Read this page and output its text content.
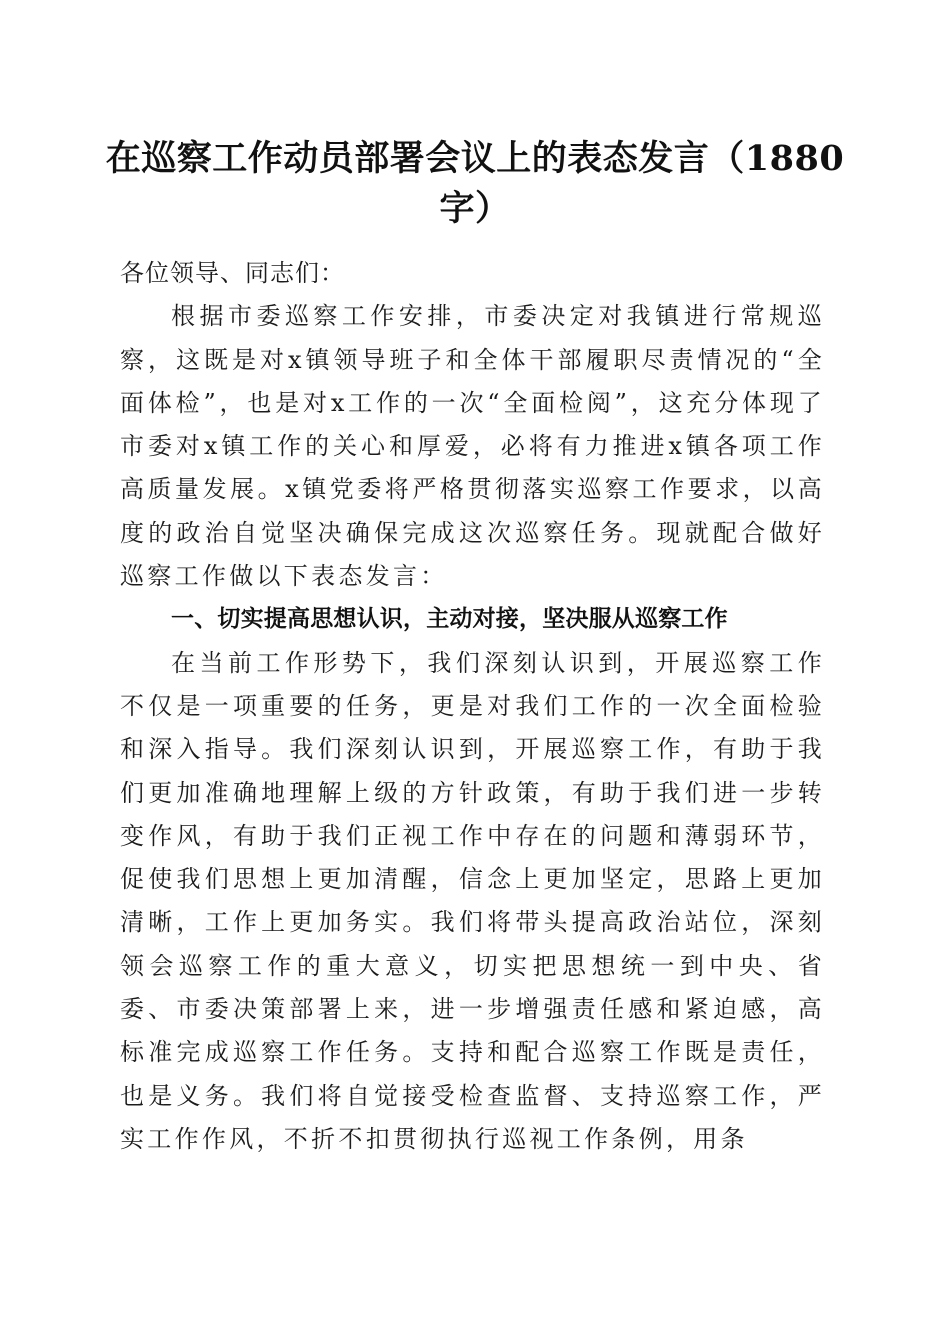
在巡察工作动员部署会议上的表态发言（1880字）

各位领导、同志们：

根据市委巡察工作安排，市委决定对我镇进行常规巡察，这既是对x镇领导班子和全体干部履职尽责情况的“全面体检”，也是对x工作的一次“全面检阅”，这充分体现了市委对x镇工作的关心和厚爱，必将有力推进x镇各项工作高质量发展。x镇党委将严格贯彻落实巡察工作要求，以高度的政治自觉坚决确保完成这次巡察任务。现就配合做好巡察工作做以下表态发言：

一、切实提高思想认识，主动对接，坚决服从巡察工作

在当前工作形势下，我们深刻认识到，开展巡察工作不仅是一项重要的任务，更是对我们工作的一次全面检验和深入指导。我们深刻认识到，开展巡察工作，有助于我们更加准确地理解上级的方针政策，有助于我们进一步转变作风，有助于我们正视工作中存在的问题和薄弱环节，促使我们思想上更加清醒，信念上更加坚定，思路上更加清晰，工作上更加务实。我们将带头提高政治站位，深刻领会巡察工作的重大意义，切实把思想统一到中央、省委、市委决策部署上来，进一步增强责任感和紧迫感，高标准完成巡察工作任务。支持和配合巡察工作既是责任，也是义务。我们将自觉接受检查监督、支持巡察工作，严实工作作风，不折不扣贯彻执行巡视工作条例，用条
